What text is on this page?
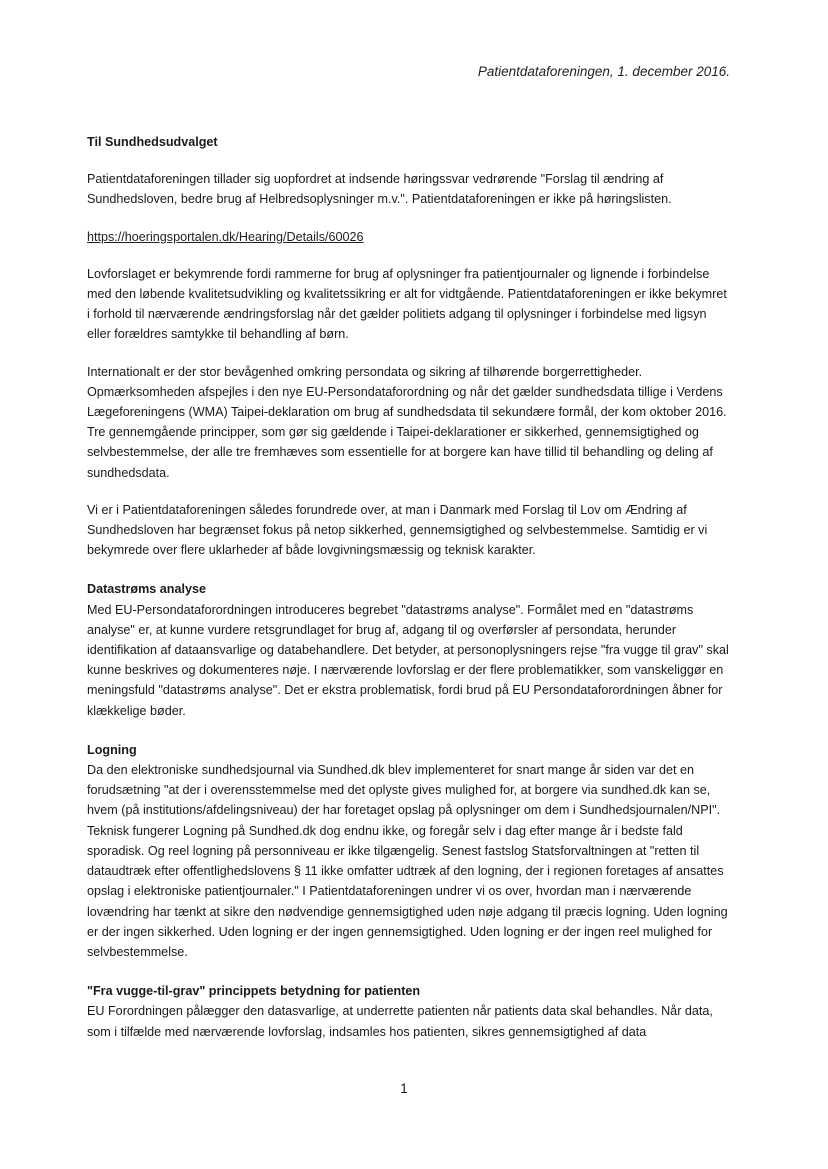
Patientdataforeningen, 1. december 2016.

Til Sundhedsudvalget

Patientdataforeningen tillader sig uopfordret at indsende høringssvar vedrørende "Forslag til ændring af Sundhedsloven, bedre brug af Helbredsoplysninger m.v.". Patientdataforeningen er ikke på høringslisten.

https://hoeringsportalen.dk/Hearing/Details/60026

Lovforslaget er bekymrende fordi rammerne for brug af oplysninger fra patientjournaler og lignende i forbindelse med den løbende kvalitetsudvikling og kvalitetssikring er alt for vidtgående. Patientdataforeningen er ikke bekymret i forhold til nærværende ændringsforslag når det gælder politiets adgang til oplysninger i forbindelse med ligsyn eller forældres samtykke til behandling af børn.

Internationalt er der stor bevågenhed omkring persondata og sikring af tilhørende borgerrettigheder. Opmærksomheden afspejles i den nye EU-Persondataforordning og når det gælder sundhedsdata tillige i Verdens Lægeforeningens (WMA) Taipei-deklaration om brug af sundhedsdata til sekundære formål, der kom oktober 2016. Tre gennemgående principper, som gør sig gældende i Taipei-deklarationer er sikkerhed, gennemsigtighed og selvbestemmelse, der alle tre fremhæves som essentielle for at borgere kan have tillid til behandling og deling af sundhedsdata.

Vi er i Patientdataforeningen således forundrede over, at man i Danmark med Forslag til Lov om Ændring af Sundhedsloven har begrænset fokus på netop sikkerhed, gennemsigtighed og selvbestemmelse. Samtidig er vi bekymrede over flere uklarheder af både lovgivningsmæssig og teknisk karakter.

Datastrøms analyse
Med EU-Persondataforordningen introduceres begrebet "datastrøms analyse". Formålet med en "datastrøms analyse" er, at kunne vurdere retsgrundlaget for brug af, adgang til og overførsler af persondata, herunder identifikation af dataansvarlige og databehandlere. Det betyder, at personoplysningers rejse "fra vugge til grav" skal kunne beskrives og dokumenteres nøje. I nærværende lovforslag er der flere problematikker, som vanskeliggør en meningsfuld "datastrøms analyse". Det er ekstra problematisk, fordi brud på EU Persondataforordningen åbner for klækkelige bøder.
Logning
Da den elektroniske sundhedsjournal via Sundhed.dk blev implementeret for snart mange år siden var det en forudsætning "at der i overensstemmelse med det oplyste gives mulighed for, at borgere via sundhed.dk kan se, hvem (på institutions/afdelingsniveau) der har foretaget opslag på oplysninger om dem i Sundhedsjournalen/NPI". Teknisk fungerer Logning på Sundhed.dk dog endnu ikke, og foregår selv i dag efter mange år i bedste fald sporadisk. Og reel logning på personniveau er ikke tilgængelig. Senest fastslog Statsforvaltningen at "retten til dataudtræk efter offentlighedslovens § 11 ikke omfatter udtræk af den logning, der i regionen foretages af ansattes opslag i elektroniske patientjournaler." I Patientdataforeningen undrer vi os over, hvordan man i nærværende lovændring har tænkt at sikre den nødvendige gennemsigtighed uden nøje adgang til præcis logning. Uden logning er der ingen sikkerhed. Uden logning er der ingen gennemsigtighed. Uden logning er der ingen reel mulighed for selvbestemmelse.
"Fra vugge-til-grav" princippets betydning for patienten
EU Forordningen pålægger den datasvarlige, at underrette patienten når patients data skal behandles. Når data, som i tilfælde med nærværende lovforslag, indsamles hos patienten, sikres gennemsigtighed af data
1
